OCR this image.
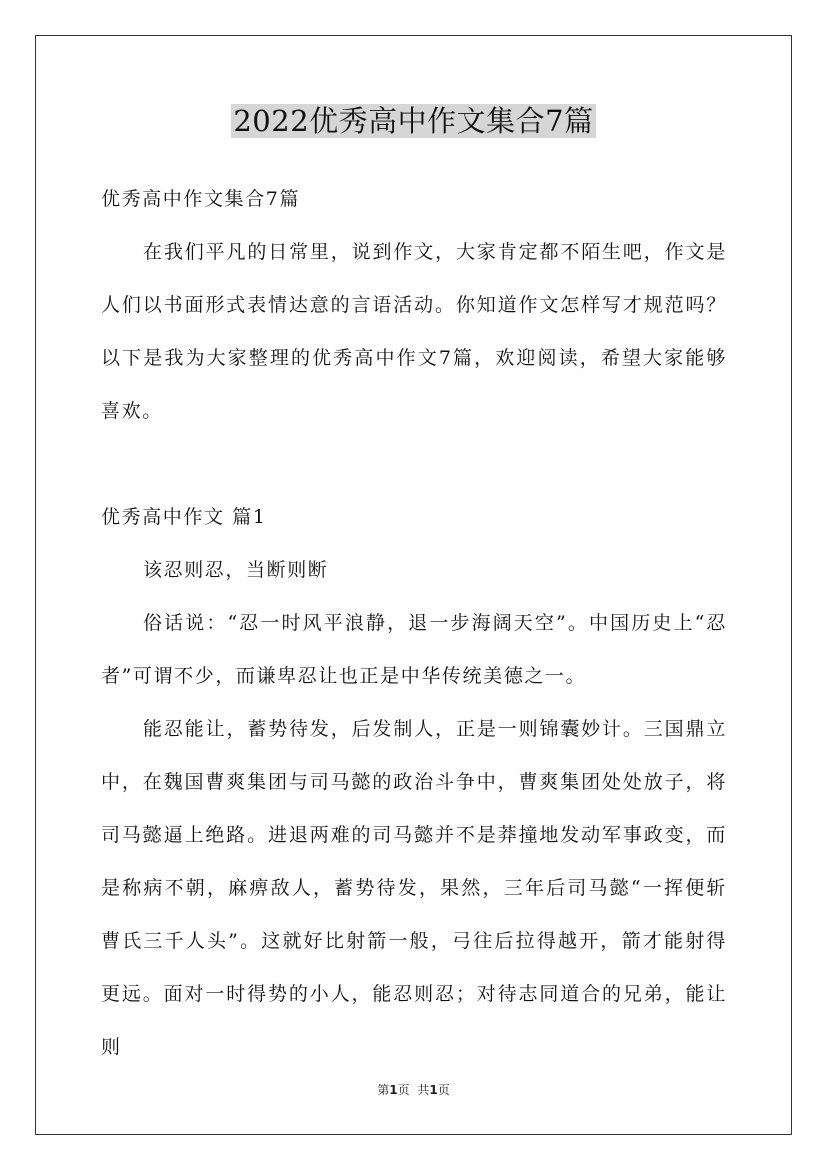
2022优秀高中作文集合7篇

优秀高中作文集合7篇

在我们平凡的日常里，说到作文，大家肯定都不陌生吧，作文是人们以书面形式表情达意的言语活动。你知道作文怎样写才规范吗？以下是我为大家整理的优秀高中作文7篇，欢迎阅读，希望大家能够喜欢。

优秀高中作文 篇1

该忍则忍，当断则断

俗话说：“忍一时风平浪静，退一步海阔天空”。中国历史上“忍者”可谓不少，而谦卑忍让也正是中华传统美德之一。

能忍能让，蓄势待发，后发制人，正是一则锦囊妙计。三国鼎立中，在魏国曹爽集团与司马懿的政治斗争中，曹爽集团处处放子，将司马懿逼上绝路。进退两难的司马懿并不是莽撞地发动军事政变，而是称病不朝，麻痹敌人，蓄势待发，果然，三年后司马懿“一挥便斩曹氏三千人头”。这就好比射箭一般，弓往后拉得越开，箭才能射得更远。面对一时得势的小人，能忍则忍；对待志同道合的兄弟，能让则

第1页 共1页
